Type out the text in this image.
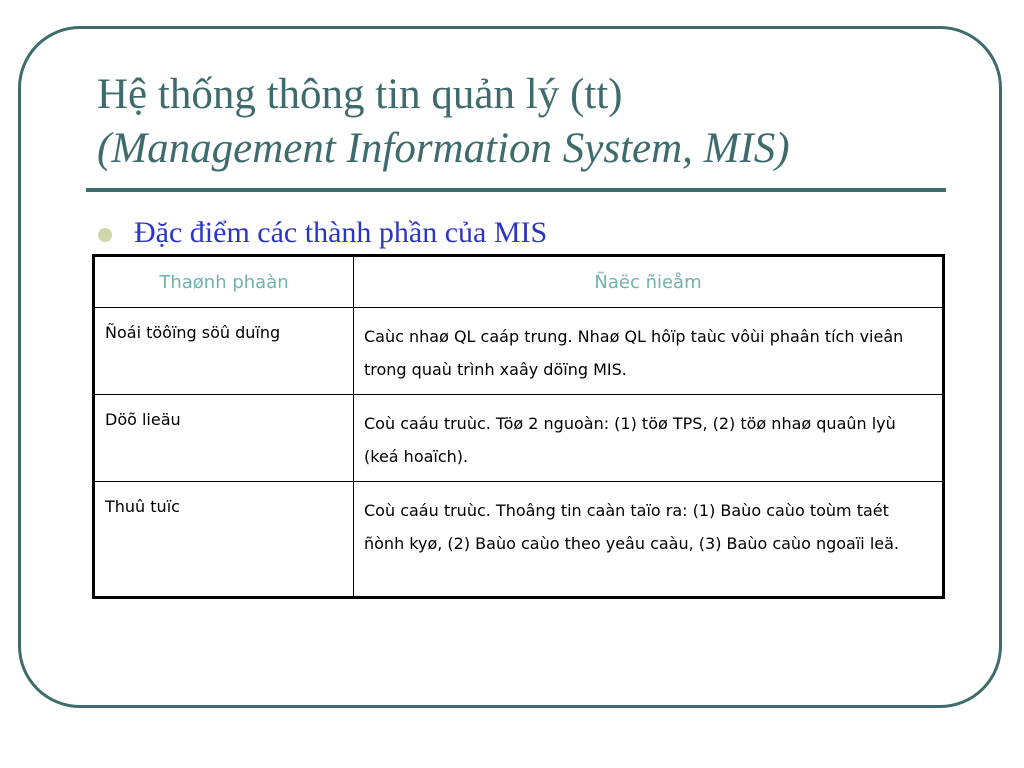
Hệ thống thông tin quản lý (tt)
(Management Information System, MIS)
Đặc điểm các thành phần của MIS
Thaønh phaàn	Ñaëc ñieåm
Ñoái töôïng söû duïng	Caùc nhaø QL caáp trung. Nhaø QL hôïp taùc vôùi phaân tích vieân trong quaù trình xaây döïng MIS.
Döõ lieäu	Coù caáu truùc. Töø 2 nguoàn: (1) töø TPS, (2) töø nhaø quaûn lyù (keá hoaïch).
Thuû tuïc	Coù caáu truùc. Thoâng tin caàn taïo ra: (1) Baùo caùo toùm taét ñònh kyø, (2) Baùo caùo theo yeâu caàu, (3) Baùo caùo ngoaïi leä.
